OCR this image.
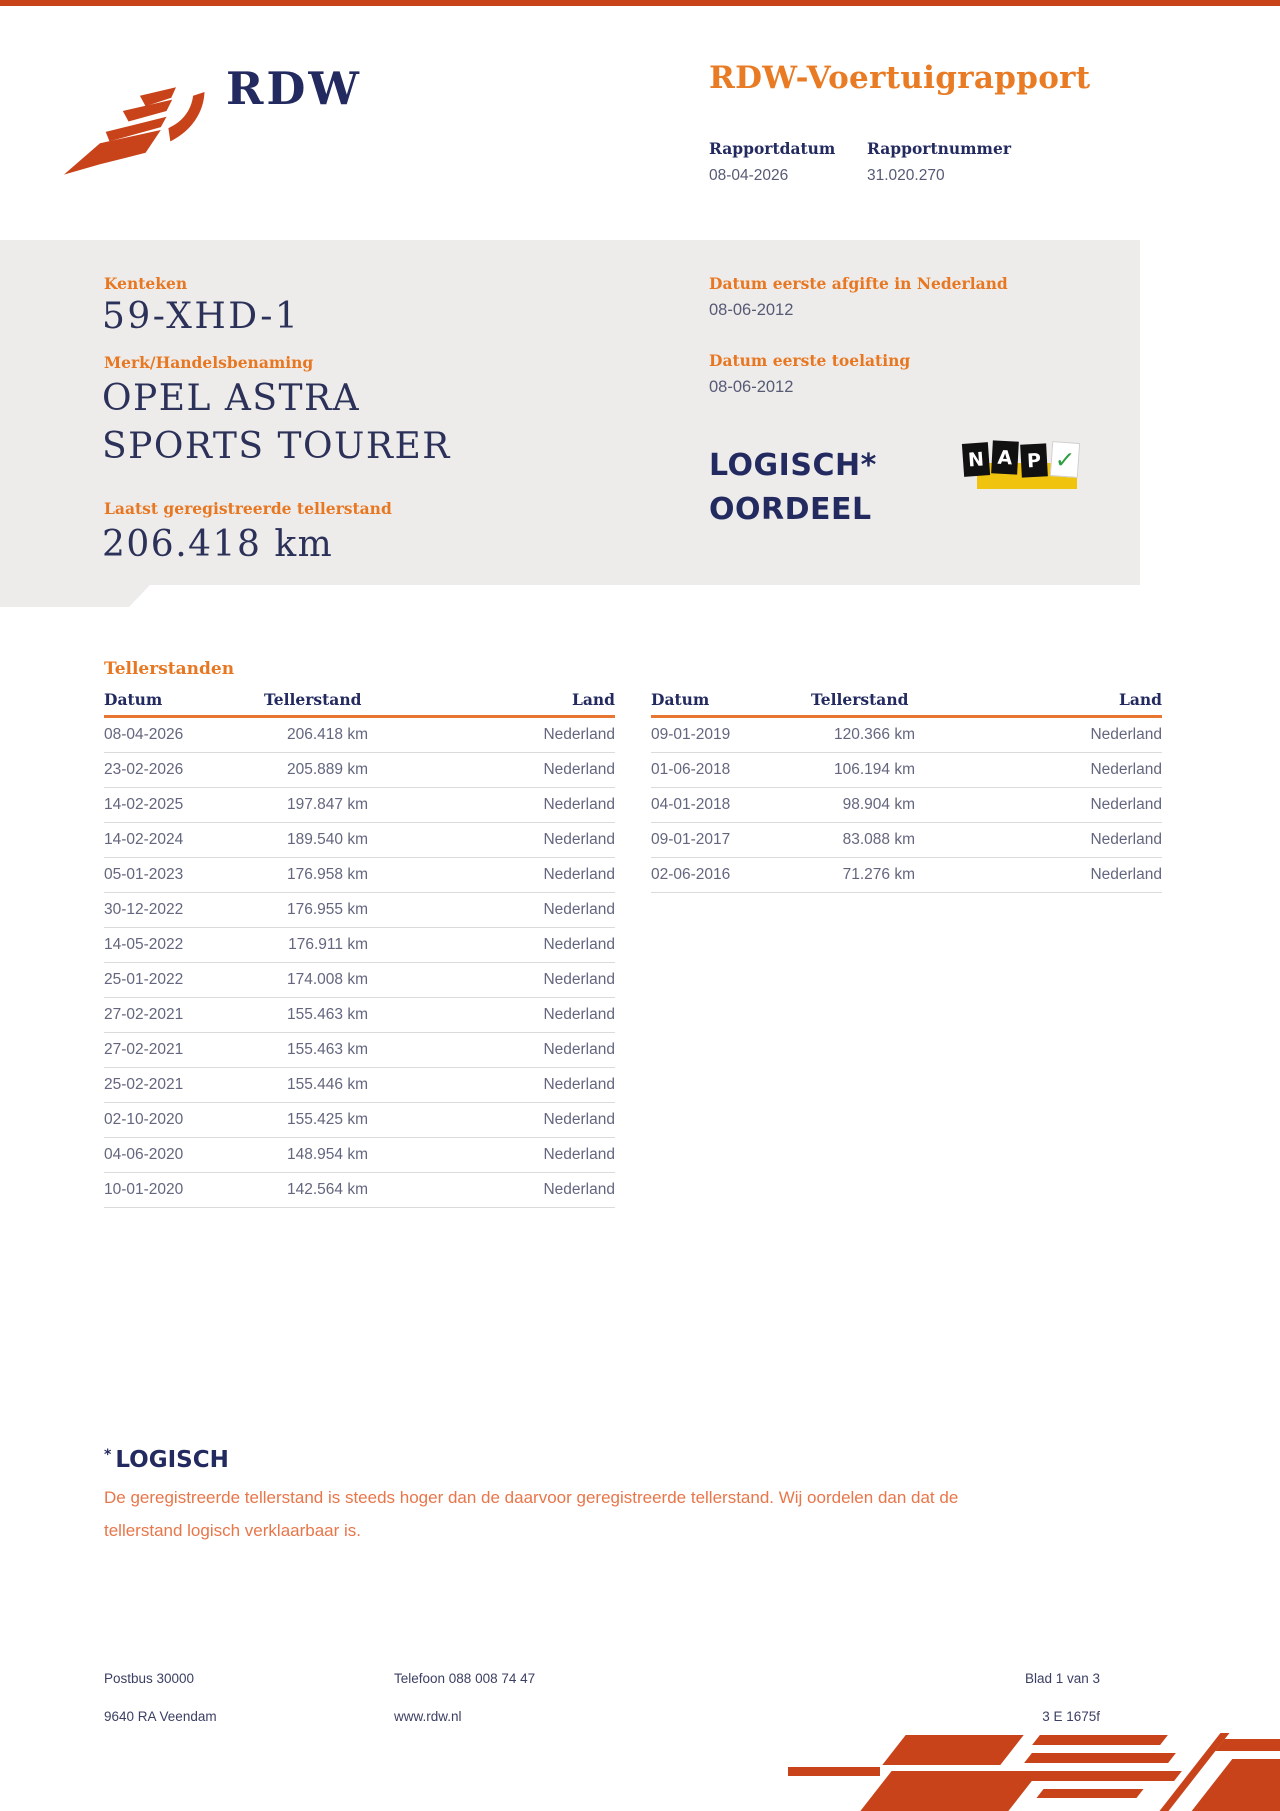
RDW	RDW-Voertuigrapport
Rapportdatum
08-04-2026
Rapportnummer
31.020.270
Kenteken
59-XHD-1
Merk/Handelsbenaming
OPEL ASTRA
SPORTS TOURER
Laatst geregistreerde tellerstand
206.418 km
Datum eerste afgifte in Nederland
08-06-2012
Datum eerste toelating
08-06-2012
LOGISCH*
OORDEEL
N A P ✓
Tellerstanden
Datum	Tellerstand	Land
08-04-2026	206.418 km	Nederland
23-02-2026	205.889 km	Nederland
14-02-2025	197.847 km	Nederland
14-02-2024	189.540 km	Nederland
05-01-2023	176.958 km	Nederland
30-12-2022	176.955 km	Nederland
14-05-2022	176.911 km	Nederland
25-01-2022	174.008 km	Nederland
27-02-2021	155.463 km	Nederland
27-02-2021	155.463 km	Nederland
25-02-2021	155.446 km	Nederland
02-10-2020	155.425 km	Nederland
04-06-2020	148.954 km	Nederland
10-01-2020	142.564 km	Nederland
Datum	Tellerstand	Land
09-01-2019	120.366 km	Nederland
01-06-2018	106.194 km	Nederland
04-01-2018	98.904 km	Nederland
09-01-2017	83.088 km	Nederland
02-06-2016	71.276 km	Nederland
* LOGISCH
De geregistreerde tellerstand is steeds hoger dan de daarvoor geregistreerde tellerstand. Wij oordelen dan dat de
tellerstand logisch verklaarbaar is.
Postbus 30000
9640 RA Veendam
Telefoon 088 008 74 47
www.rdw.nl
Blad 1 van 3
3 E 1675f
